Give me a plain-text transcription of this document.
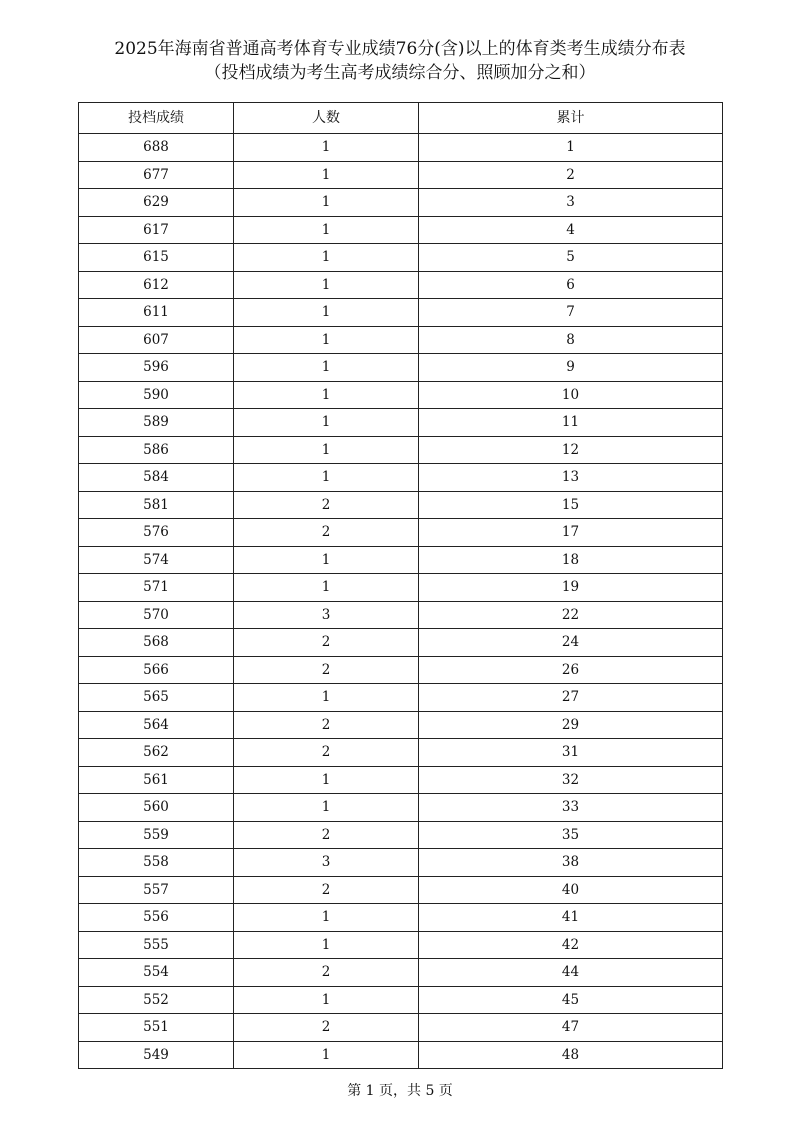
2025年海南省普通高考体育专业成绩76分(含)以上的体育类考生成绩分布表
（投档成绩为考生高考成绩综合分、照顾加分之和）
投档成绩	人数	累计
688	1	1
677	1	2
629	1	3
617	1	4
615	1	5
612	1	6
611	1	7
607	1	8
596	1	9
590	1	10
589	1	11
586	1	12
584	1	13
581	2	15
576	2	17
574	1	18
571	1	19
570	3	22
568	2	24
566	2	26
565	1	27
564	2	29
562	2	31
561	1	32
560	1	33
559	2	35
558	3	38
557	2	40
556	1	41
555	1	42
554	2	44
552	1	45
551	2	47
549	1	48
第 1 页，共 5 页
